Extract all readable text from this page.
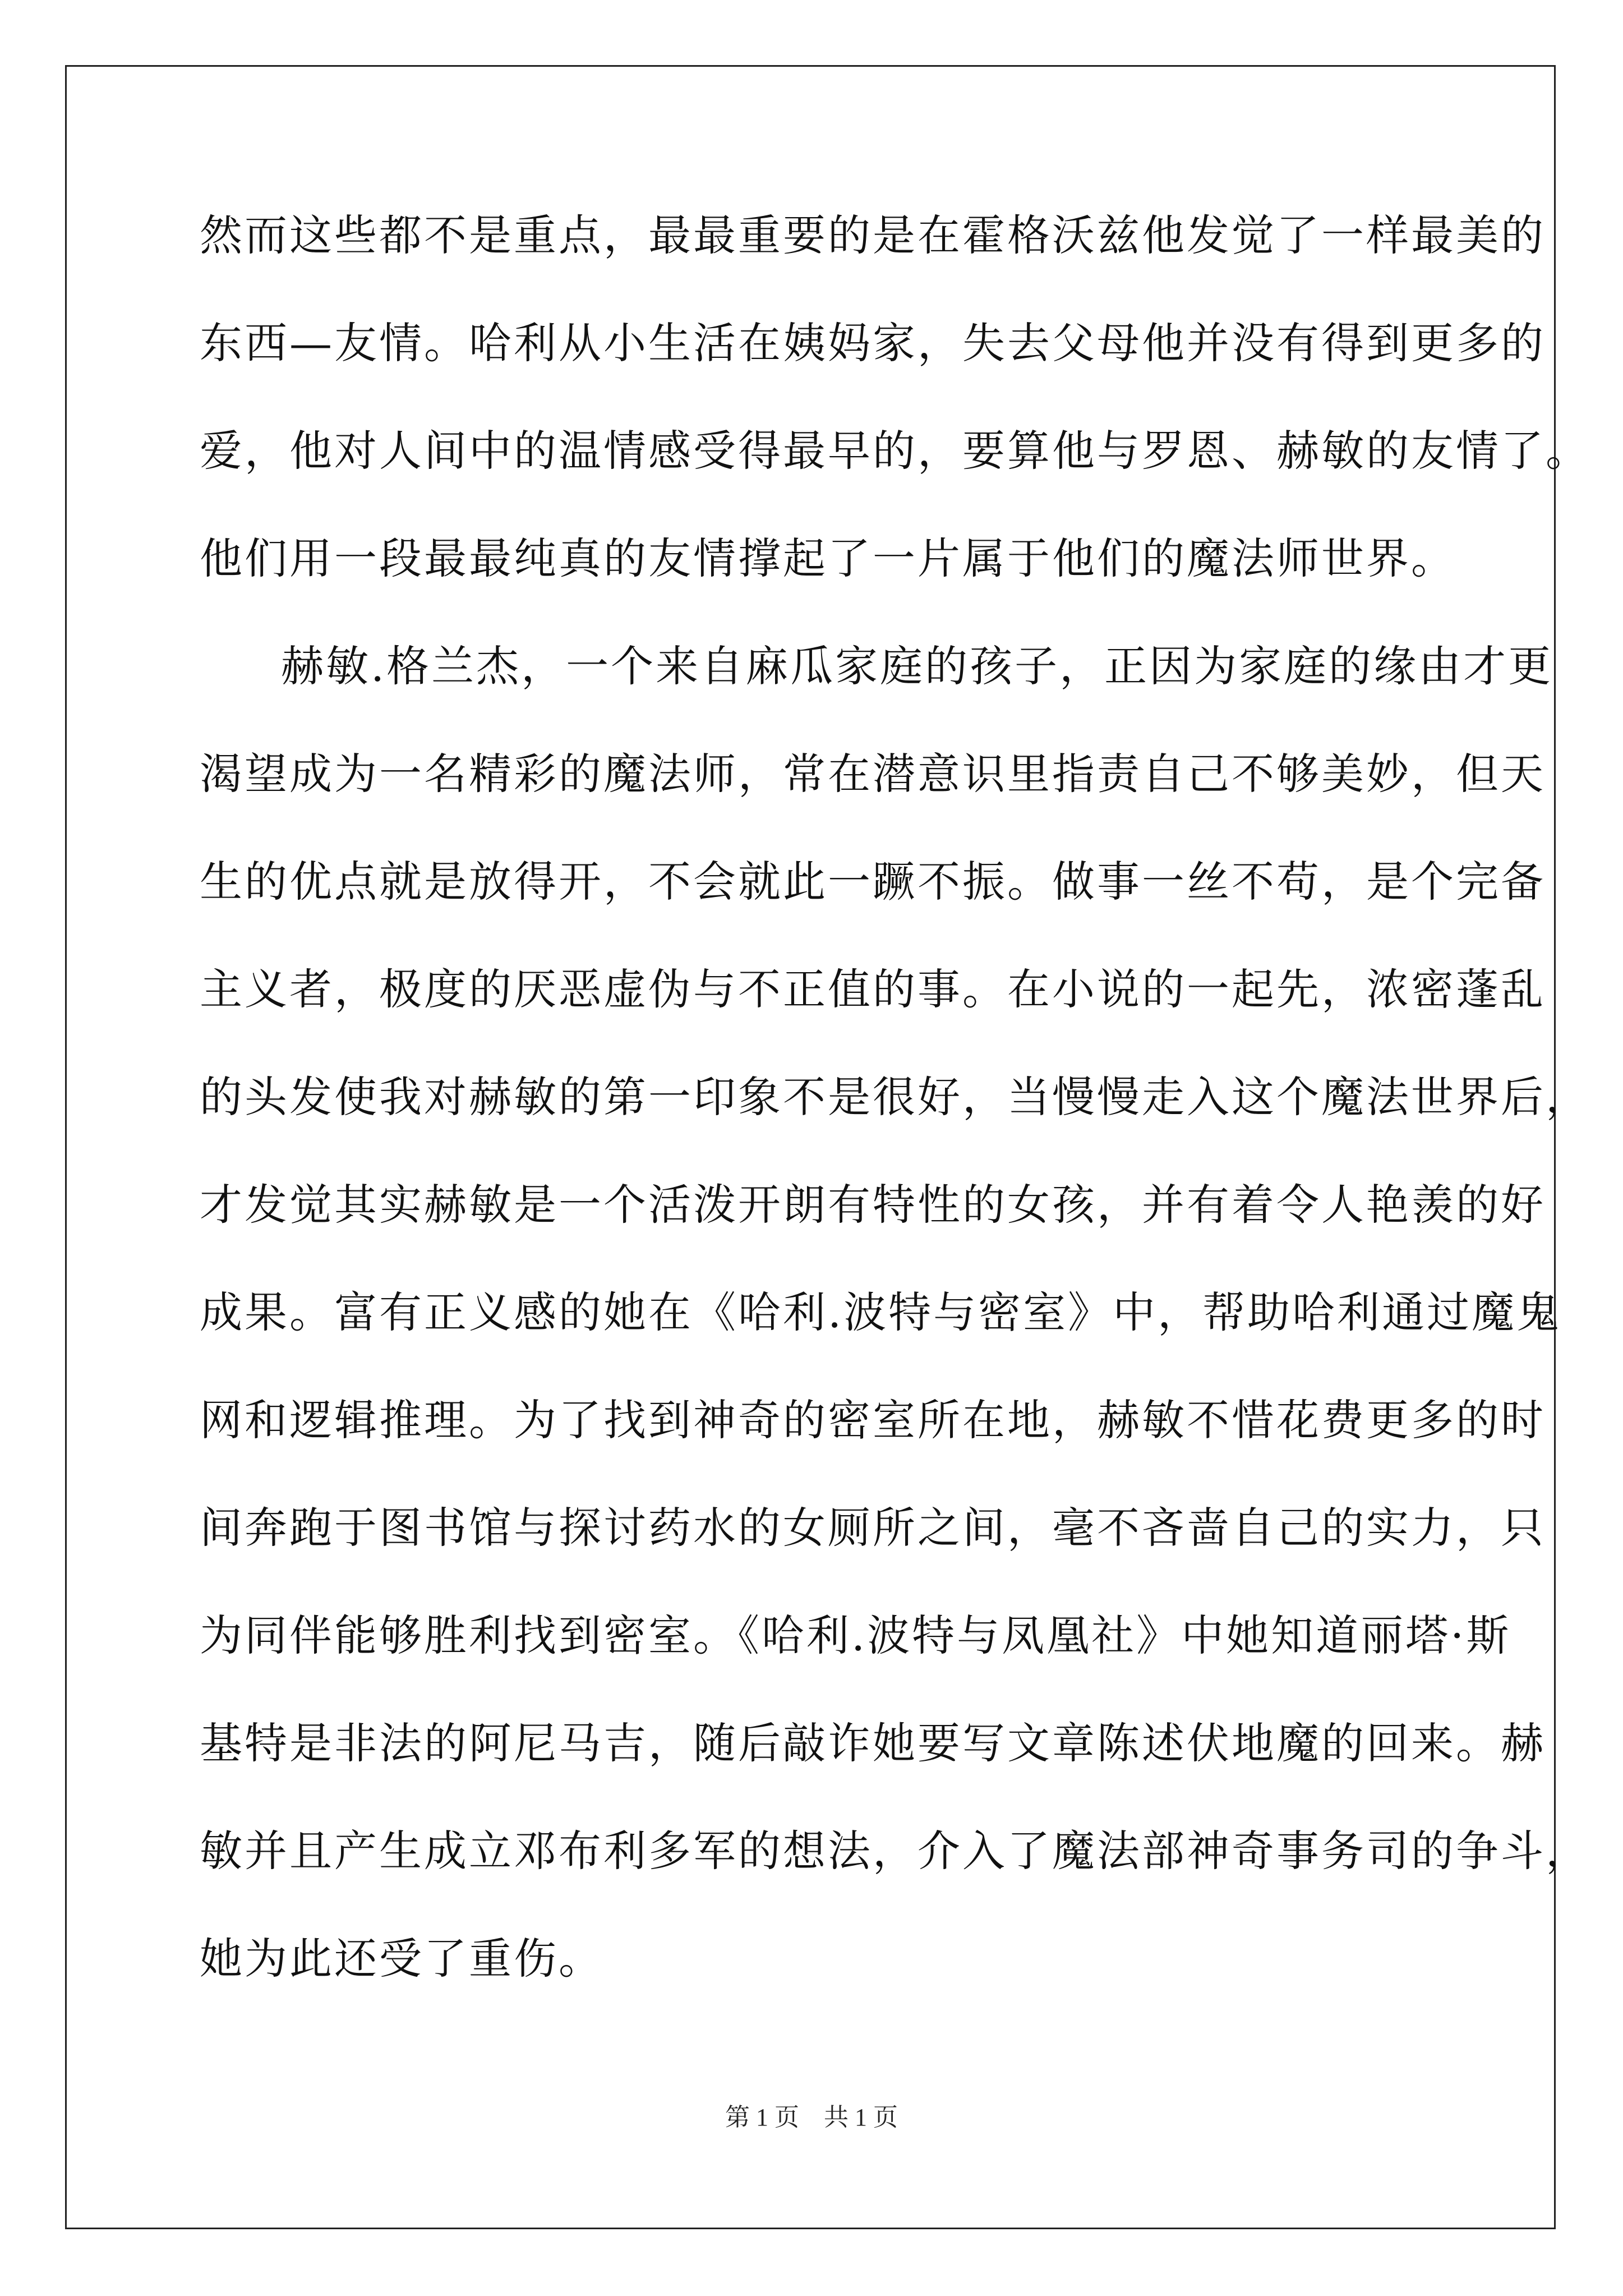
然而这些都不是重点，最最重要的是在霍格沃兹他发觉了一样最美的
东西—友情。哈利从小生活在姨妈家，失去父母他并没有得到更多的
爱，他对人间中的温情感受得最早的，要算他与罗恩、赫敏的友情了。
他们用一段最最纯真的友情撑起了一片属于他们的魔法师世界。
赫敏.格兰杰，一个来自麻瓜家庭的孩子，正因为家庭的缘由才更
渴望成为一名精彩的魔法师，常在潜意识里指责自己不够美妙，但天
生的优点就是放得开，不会就此一蹶不振。做事一丝不苟，是个完备
主义者，极度的厌恶虚伪与不正值的事。在小说的一起先，浓密蓬乱
的头发使我对赫敏的第一印象不是很好，当慢慢走入这个魔法世界后，
才发觉其实赫敏是一个活泼开朗有特性的女孩，并有着令人艳羡的好
成果。富有正义感的她在《哈利.波特与密室》中，帮助哈利通过魔鬼
网和逻辑推理。为了找到神奇的密室所在地，赫敏不惜花费更多的时
间奔跑于图书馆与探讨药水的女厕所之间，毫不吝啬自己的实力，只
为同伴能够胜利找到密室。《哈利.波特与凤凰社》中她知道丽塔·斯
基特是非法的阿尼马吉，随后敲诈她要写文章陈述伏地魔的回来。赫
敏并且产生成立邓布利多军的想法，介入了魔法部神奇事务司的争斗，
她为此还受了重伤。
第 1 页　共 1 页
